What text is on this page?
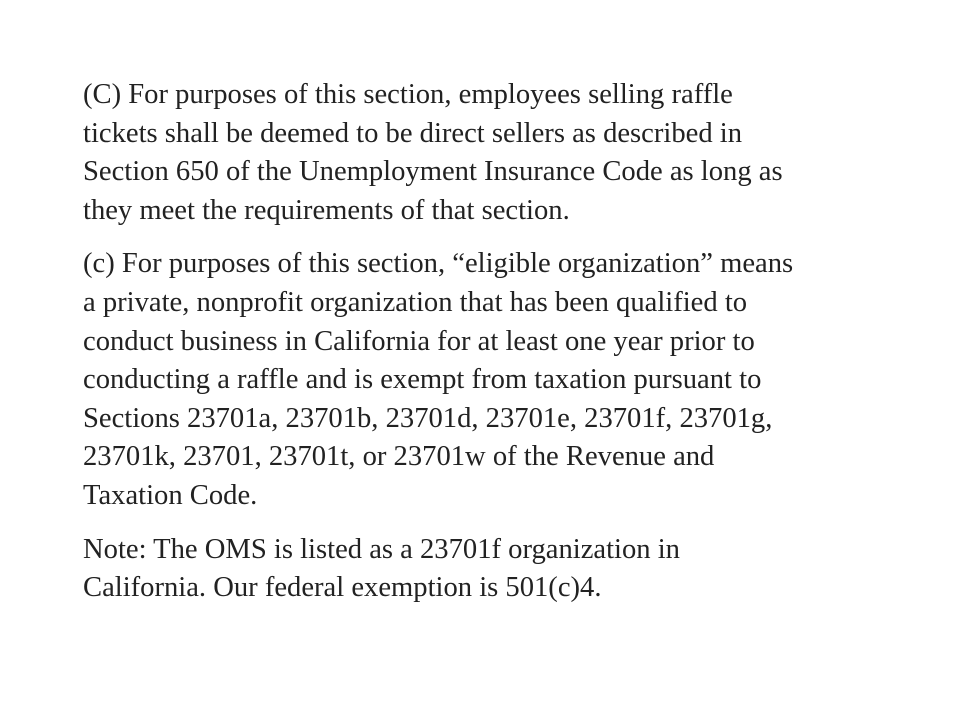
(C) For purposes of this section, employees selling raffle
tickets shall be deemed to be direct sellers as described in
Section 650 of the Unemployment Insurance Code as long as
they meet the requirements of that section.

(c) For purposes of this section, “eligible organization” means
a private, nonprofit organization that has been qualified to
conduct business in California for at least one year prior to
conducting a raffle and is exempt from taxation pursuant to
Sections 23701a, 23701b, 23701d, 23701e, 23701f, 23701g,
23701k, 23701, 23701t, or 23701w of the Revenue and
Taxation Code.

Note: The OMS is listed as a 23701f organization in
California. Our federal exemption is 501(c)4.
